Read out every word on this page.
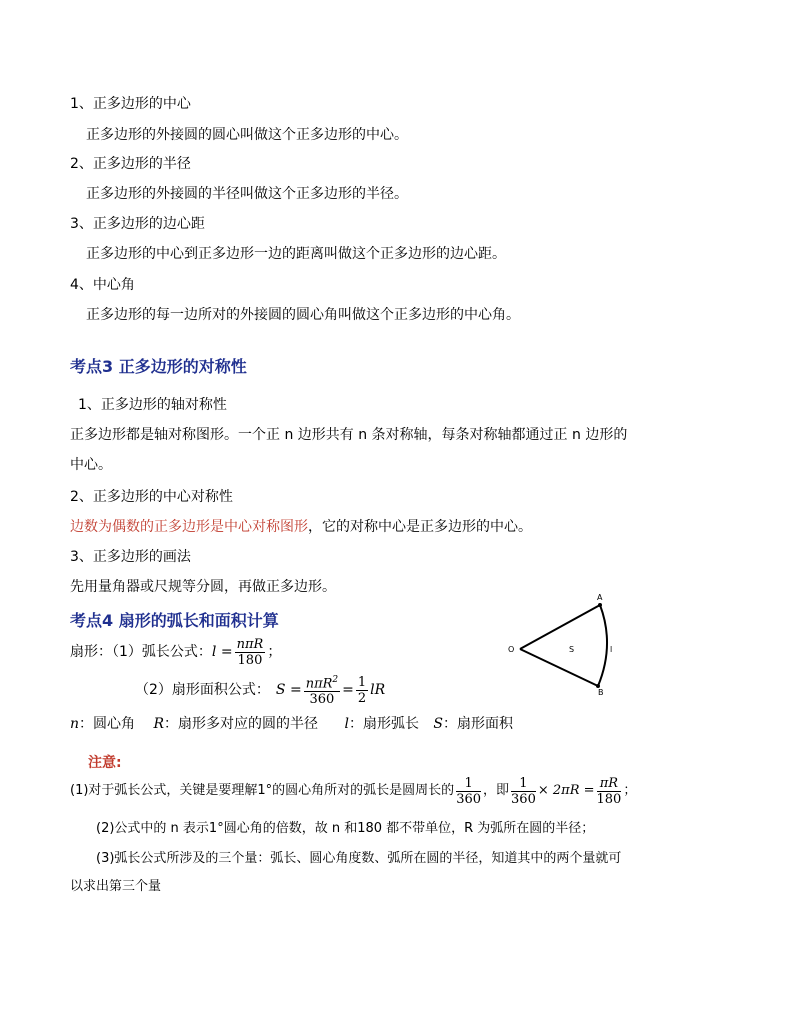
1、正多边形的中心
正多边形的外接圆的圆心叫做这个正多边形的中心。
2、正多边形的半径
正多边形的外接圆的半径叫做这个正多边形的半径。
3、正多边形的边心距
正多边形的中心到正多边形一边的距离叫做这个正多边形的边心距。
4、中心角
正多边形的每一边所对的外接圆的圆心角叫做这个正多边形的中心角。
考点3 正多边形的对称性
1、正多边形的轴对称性
正多边形都是轴对称图形。一个正 n 边形共有 n 条对称轴，每条对称轴都通过正 n 边形的
中心。
2、正多边形的中心对称性
边数为偶数的正多边形是中心对称图形，它的对称中心是正多边形的中心。
3、正多边形的画法
先用量角器或尺规等分圆，再做正多边形。
考点4 扇形的弧长和面积计算
扇形：（1）弧长公式： $l = \frac{\text{nπR}}{180}$ ；
（2）扇形面积公式： $S = \frac{n\pi R^2}{360} = \frac{1}{2}$ lR
n：圆心角 R：扇形多对应的圆的半径 l：扇形弧长 S：扇形面积
A
O	S	l
B
注意:
(1)对于弧长公式，关键是要理解1°的圆心角所对的弧长是圆周长的 $\frac{1}{360}$ ，即 $\frac{1}{360} \times 2\pi R = \frac{\pi R}{180}$ ；
(2)公式中的 n 表示1°圆心角的倍数，故 n 和180 都不带单位，R 为弧所在圆的半径；
(3)弧长公式所涉及的三个量：弧长、圆心角度数、弧所在圆的半径，知道其中的两个量就可
以求出第三个量
